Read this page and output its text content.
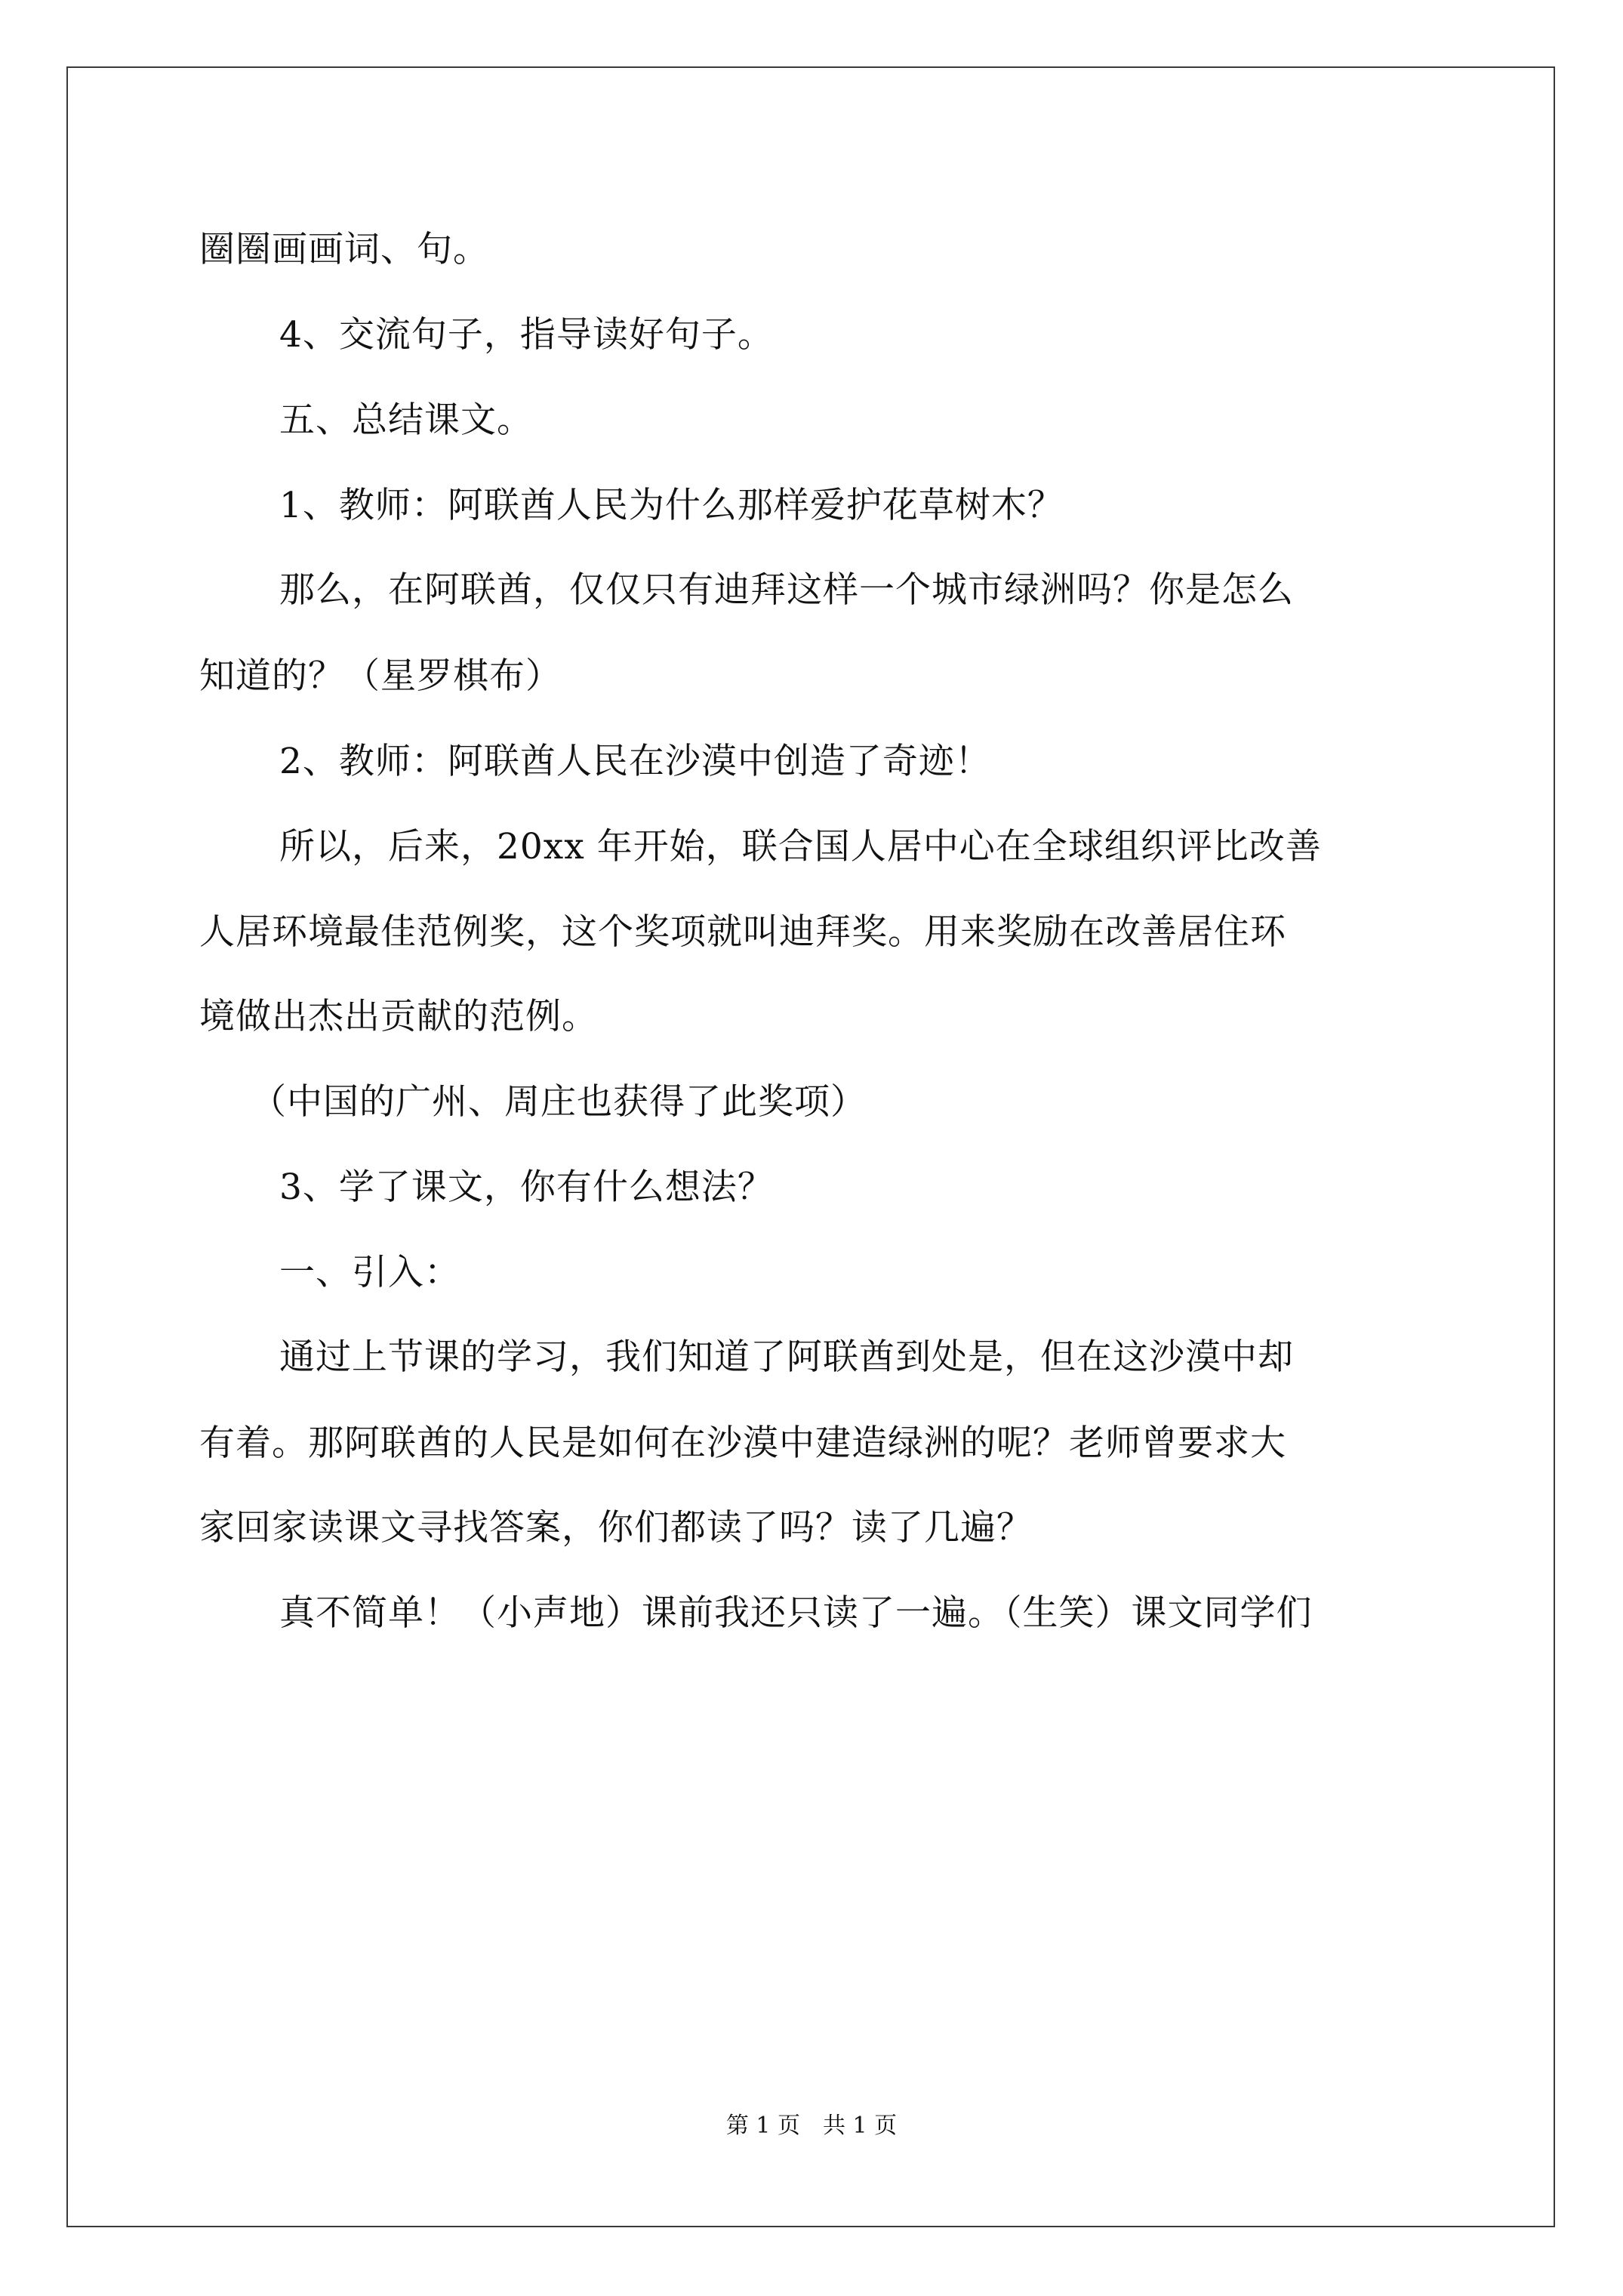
圈圈画画词、句。
4、交流句子，指导读好句子。
五、总结课文。
1、教师：阿联酋人民为什么那样爱护花草树木？
那么，在阿联酋，仅仅只有迪拜这样一个城市绿洲吗？你是怎么
知道的？（星罗棋布）
2、教师：阿联酋人民在沙漠中创造了奇迹！
所以，后来，20xx 年开始，联合国人居中心在全球组织评比改善
人居环境最佳范例奖，这个奖项就叫迪拜奖。用来奖励在改善居住环
境做出杰出贡献的范例。
（中国的广州、周庄也获得了此奖项）
3、学了课文，你有什么想法？
一、引入：
通过上节课的学习，我们知道了阿联酋到处是，但在这沙漠中却
有着。那阿联酋的人民是如何在沙漠中建造绿洲的呢？老师曾要求大
家回家读课文寻找答案，你们都读了吗？读了几遍？
真不简单！（小声地）课前我还只读了一遍。（生笑）课文同学们
第 1 页　共 1 页
